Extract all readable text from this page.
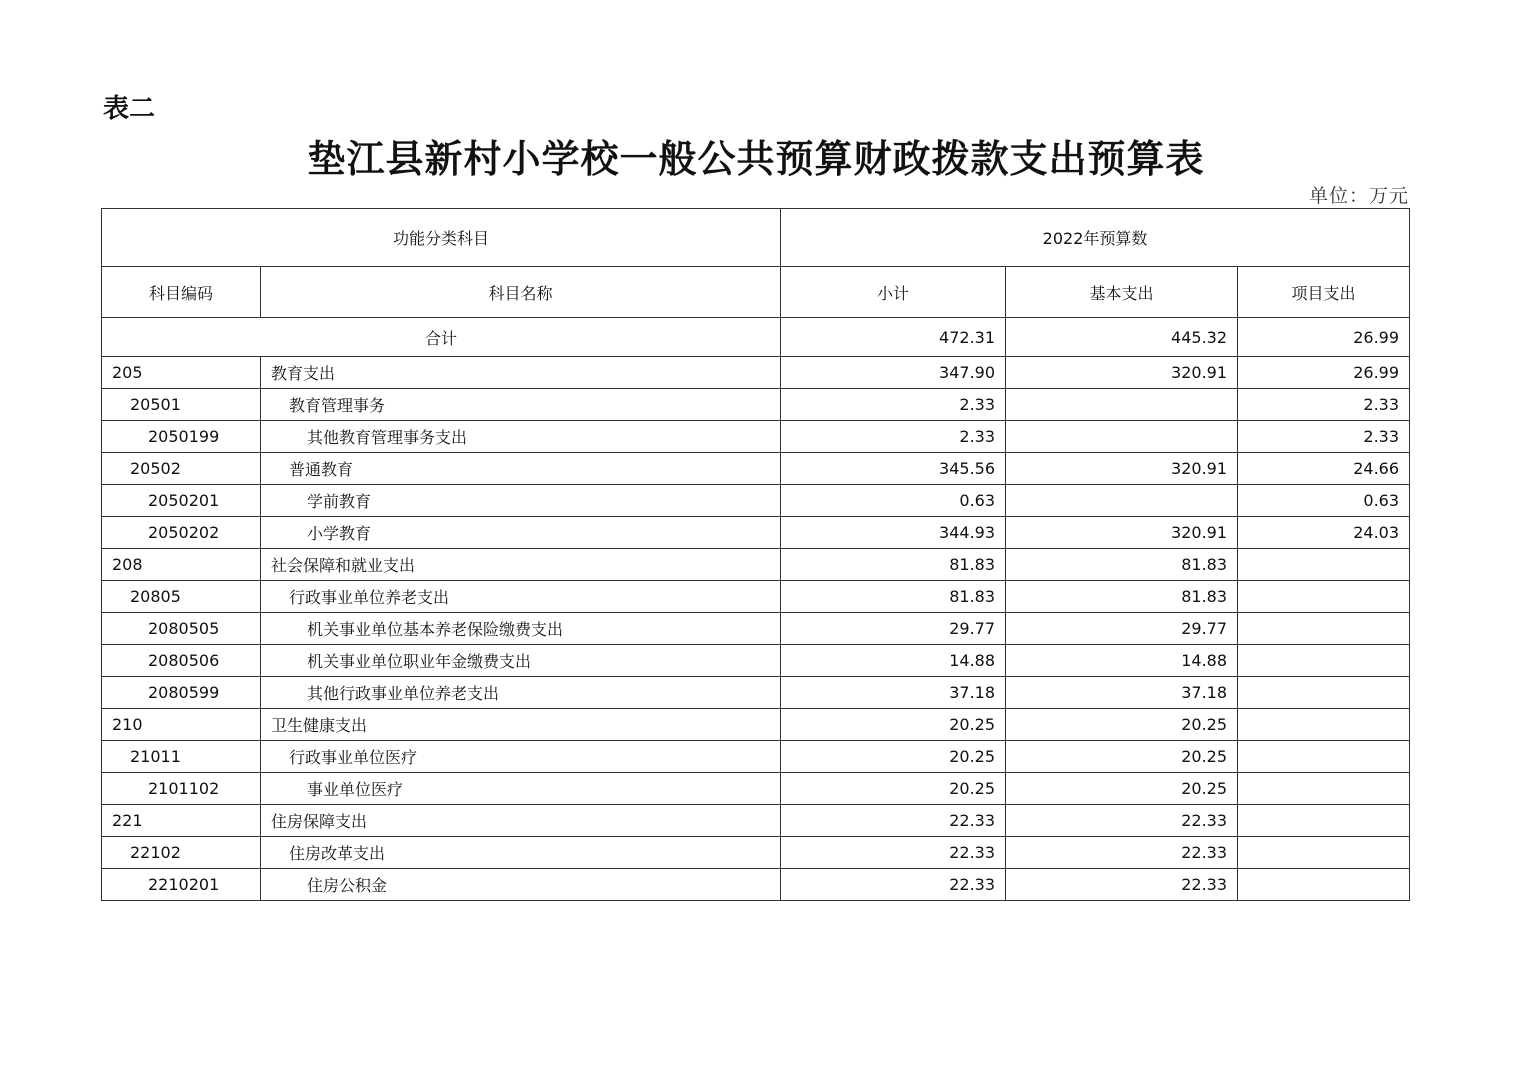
表二
垫江县新村小学校一般公共预算财政拨款支出预算表
单位：万元
功能分类科目		2022年预算数		
科目编码	科目名称	小计	基本支出	项目支出
合计		472.31	445.32	26.99
205	教育支出	347.90	320.91	26.99
20501	教育管理事务	2.33		2.33
2050199	其他教育管理事务支出	2.33		2.33
20502	普通教育	345.56	320.91	24.66
2050201	学前教育	0.63		0.63
2050202	小学教育	344.93	320.91	24.03
208	社会保障和就业支出	81.83	81.83	
20805	行政事业单位养老支出	81.83	81.83	
2080505	机关事业单位基本养老保险缴费支出	29.77	29.77	
2080506	机关事业单位职业年金缴费支出	14.88	14.88	
2080599	其他行政事业单位养老支出	37.18	37.18	
210	卫生健康支出	20.25	20.25	
21011	行政事业单位医疗	20.25	20.25	
2101102	事业单位医疗	20.25	20.25	
221	住房保障支出	22.33	22.33	
22102	住房改革支出	22.33	22.33	
2210201	住房公积金	22.33	22.33	
